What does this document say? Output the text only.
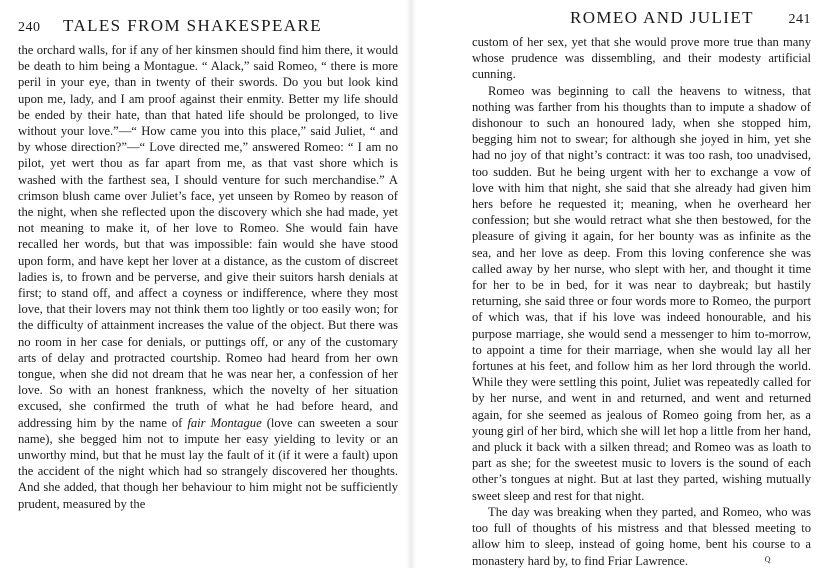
240 TALES FROM SHAKESPEARE

the orchard walls, for if any of her kinsmen should find him there, it would be death to him being a Montague. “ Alack,” said Romeo, “ there is more peril in your eye, than in twenty of their swords. Do you but look kind upon me, lady, and I am proof against their enmity. Better my life should be ended by their hate, than that hated life should be prolonged, to live without your love.”—“ How came you into this place,” said Juliet, “ and by whose direction?”—“ Love directed me,” answered Romeo: “ I am no pilot, yet wert thou as far apart from me, as that vast shore which is washed with the farthest sea, I should venture for such merchandise.” A crimson blush came over Juliet’s face, yet unseen by Romeo by reason of the night, when she reflected upon the discovery which she had made, yet not meaning to make it, of her love to Romeo. She would fain have recalled her words, but that was impossible: fain would she have stood upon form, and have kept her lover at a distance, as the custom of discreet ladies is, to frown and be perverse, and give their suitors harsh denials at first; to stand off, and affect a coyness or indifference, where they most love, that their lovers may not think them too lightly or too easily won; for the difficulty of attainment increases the value of the object. But there was no room in her case for denials, or puttings off, or any of the customary arts of delay and protracted courtship. Romeo had heard from her own tongue, when she did not dream that he was near her, a confession of her love. So with an honest frankness, which the novelty of her situation excused, she confirmed the truth of what he had before heard, and addressing him by the name of fair Montague (love can sweeten a sour name), she begged him not to impute her easy yielding to levity or an unworthy mind, but that he must lay the fault of it (if it were a fault) upon the accident of the night which had so strangely discovered her thoughts. And she added, that though her behaviour to him might not be sufficiently prudent, measured by the

ROMEO AND JULIET 241

custom of her sex, yet that she would prove more true than many whose prudence was dissembling, and their modesty artificial cunning.

Romeo was beginning to call the heavens to witness, that nothing was farther from his thoughts than to impute a shadow of dishonour to such an honoured lady, when she stopped him, begging him not to swear; for although she joyed in him, yet she had no joy of that night’s contract: it was too rash, too unadvised, too sudden. But he being urgent with her to exchange a vow of love with him that night, she said that she already had given him hers before he requested it; meaning, when he overheard her confession; but she would retract what she then bestowed, for the pleasure of giving it again, for her bounty was as infinite as the sea, and her love as deep. From this loving conference she was called away by her nurse, who slept with her, and thought it time for her to be in bed, for it was near to daybreak; but hastily returning, she said three or four words more to Romeo, the purport of which was, that if his love was indeed honourable, and his purpose marriage, she would send a messenger to him to-morrow, to appoint a time for their marriage, when she would lay all her fortunes at his feet, and follow him as her lord through the world. While they were settling this point, Juliet was repeatedly called for by her nurse, and went in and returned, and went and returned again, for she seemed as jealous of Romeo going from her, as a young girl of her bird, which she will let hop a little from her hand, and pluck it back with a silken thread; and Romeo was as loath to part as she; for the sweetest music to lovers is the sound of each other’s tongues at night. But at last they parted, wishing mutually sweet sleep and rest for that night.

The day was breaking when they parted, and Romeo, who was too full of thoughts of his mistress and that blessed meeting to allow him to sleep, instead of going home, bent his course to a monastery hard by, to find Friar Lawrence.	Q
